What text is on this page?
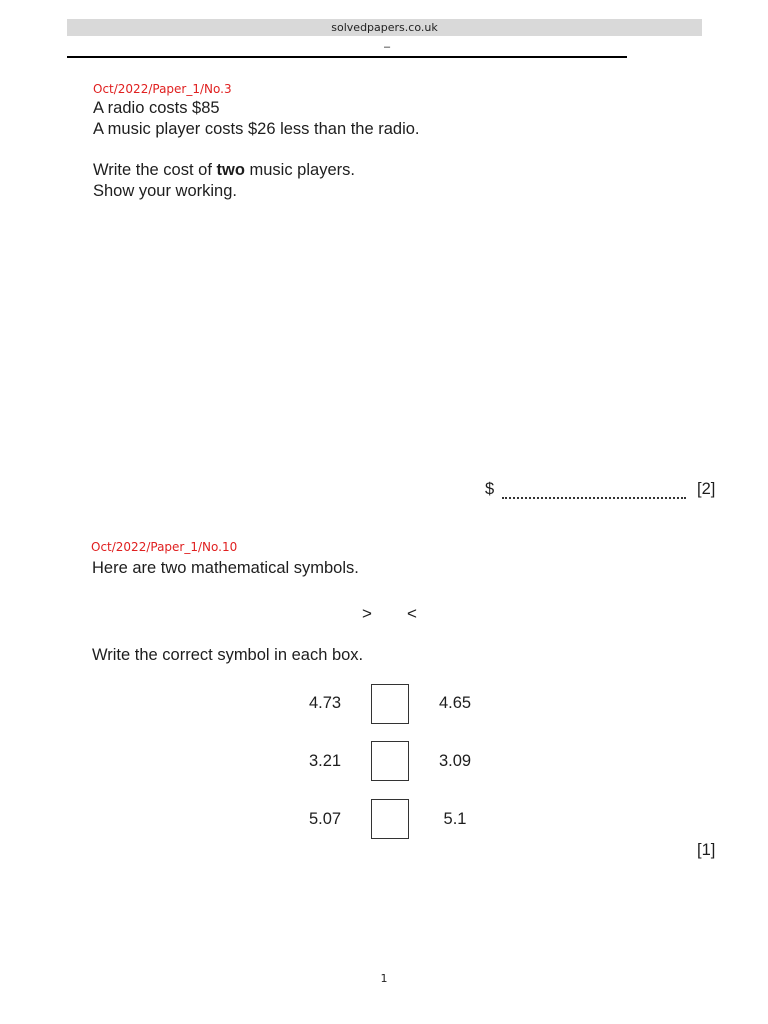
solvedpapers.co.uk
–
Oct/2022/Paper_1/No.3
A radio costs $85
A music player costs $26 less than the radio.
Write the cost of two music players.
Show your working.
$	[2]
Oct/2022/Paper_1/No.10
Here are two mathematical symbols.
> <
Write the correct symbol in each box.
4.73	4.65
3.21	3.09
5.07	5.1
[1]
1
